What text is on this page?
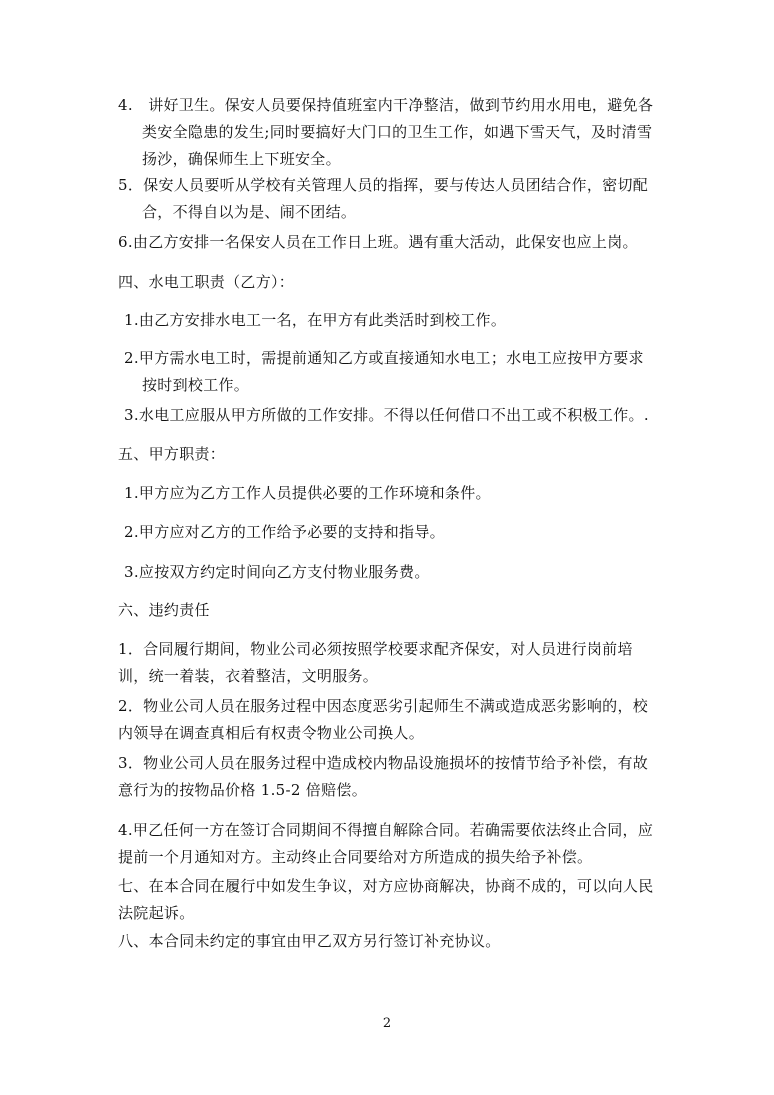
4.　讲好卫生。保安人员要保持值班室内干净整洁，做到节约用水用电，避免各类安全隐患的发生;同时要搞好大门口的卫生工作，如遇下雪天气，及时清雪扬沙，确保师生上下班安全。
5．保安人员要听从学校有关管理人员的指挥，要与传达人员团结合作，密切配合，不得自以为是、闹不团结。
6.由乙方安排一名保安人员在工作日上班。遇有重大活动，此保安也应上岗。
四、水电工职责（乙方）：
1.由乙方安排水电工一名，在甲方有此类活时到校工作。
2.甲方需水电工时，需提前通知乙方或直接通知水电工；水电工应按甲方要求按时到校工作。
3.水电工应服从甲方所做的工作安排。不得以任何借口不出工或不积极工作。.
五、甲方职责：
1.甲方应为乙方工作人员提供必要的工作环境和条件。
2.甲方应对乙方的工作给予必要的支持和指导。
3.应按双方约定时间向乙方支付物业服务费。
六、违约责任
1．合同履行期间，物业公司必须按照学校要求配齐保安，对人员进行岗前培训，统一着装，衣着整洁，文明服务。
2．物业公司人员在服务过程中因态度恶劣引起师生不满或造成恶劣影响的，校内领导在调查真相后有权责令物业公司换人。
3．物业公司人员在服务过程中造成校内物品设施损坏的按情节给予补偿，有故意行为的按物品价格 1.5-2 倍赔偿。
4.甲乙任何一方在签订合同期间不得擅自解除合同。若确需要依法终止合同，应提前一个月通知对方。主动终止合同要给对方所造成的损失给予补偿。
七、在本合同在履行中如发生争议，对方应协商解决，协商不成的，可以向人民法院起诉。
八、本合同未约定的事宜由甲乙双方另行签订补充协议。
2
